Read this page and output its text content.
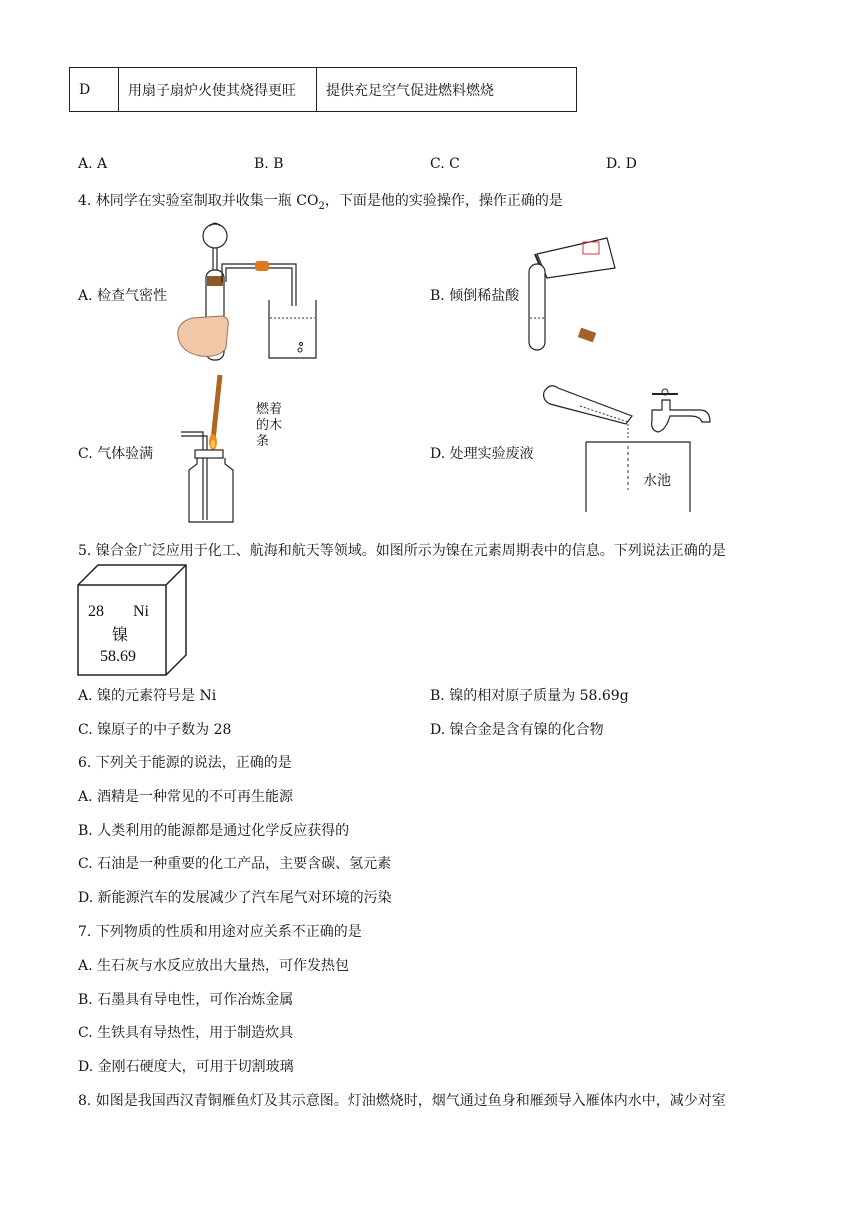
D	用扇子扇炉火使其烧得更旺	提供充足空气促进燃料燃烧
A. A	B. B	C. C	D. D
4. 林同学在实验室制取并收集一瓶 $CO_2$，下面是他的实验操作，操作正确的是
A. 检查气密性	B. 倾倒稀盐酸
C. 气体验满	D. 处理实验废液
燃着
的木
条
水池
5. 镍合金广泛应用于化工、航海和航天等领域。如图所示为镍在元素周期表中的信息。下列说法正确的是
28 Ni
镍
58.69
A. 镍的元素符号是 Ni	B. 镍的相对原子质量为 58.69g
C. 镍原子的中子数为 28	D. 镍合金是含有镍的化合物
6. 下列关于能源的说法，正确的是
A. 酒精是一种常见的不可再生能源
B. 人类利用的能源都是通过化学反应获得的
C. 石油是一种重要的化工产品，主要含碳、氢元素
D. 新能源汽车的发展减少了汽车尾气对环境的污染
7. 下列物质的性质和用途对应关系不正确的是
A. 生石灰与水反应放出大量热，可作发热包
B. 石墨具有导电性，可作冶炼金属
C. 生铁具有导热性，用于制造炊具
D. 金刚石硬度大，可用于切割玻璃
8. 如图是我国西汉青铜雁鱼灯及其示意图。灯油燃烧时，烟气通过鱼身和雁颈导入雁体内水中，减少对室
